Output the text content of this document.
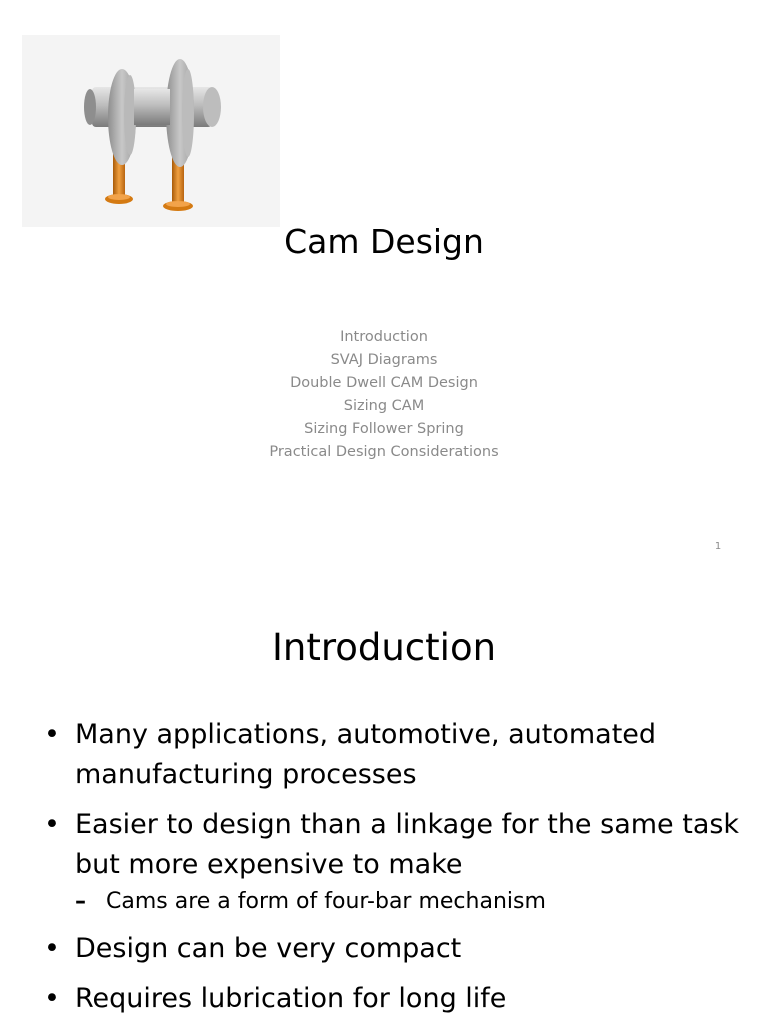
Cam Design
Introduction
SVAJ Diagrams
Double Dwell CAM Design
Sizing CAM
Sizing Follower Spring
Practical Design Considerations
1
Introduction
• Many applications, automotive, automated manufacturing processes
• Easier to design than a linkage for the same task but more expensive to make
– Cams are a form of four-bar mechanism
• Design can be very compact
• Requires lubrication for long life
